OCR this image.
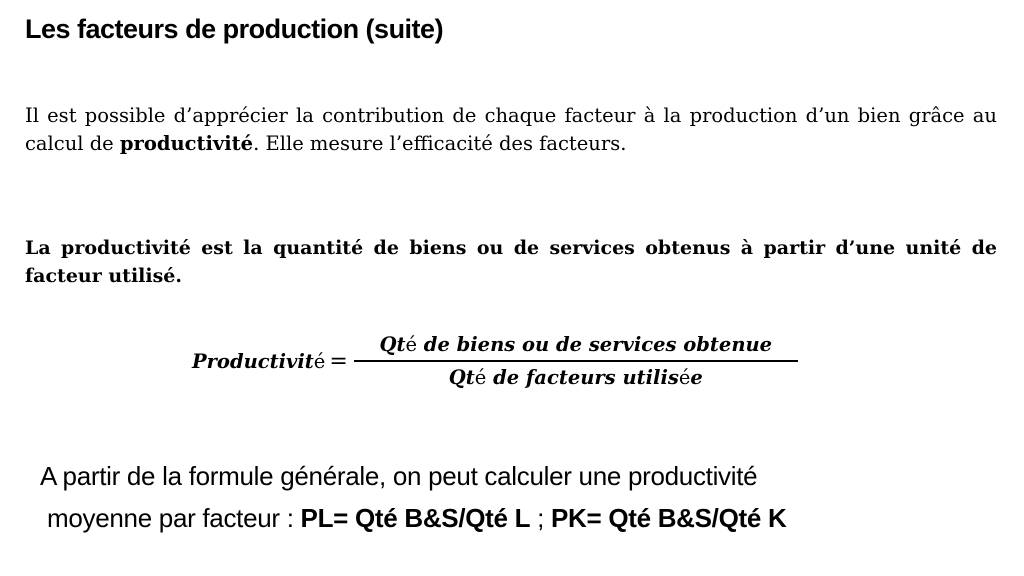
Les facteurs de production (suite)

Il est possible d’apprécier la contribution de chaque facteur à la production d’un bien grâce au calcul de productivité. Elle mesure l’efficacité des facteurs.

La productivité est la quantité de biens ou de services obtenus à partir d’une unité de facteur utilisé.

Productivité = $\frac{\text{Qté de biens ou de services obtenue}}{\text{Qté de facteurs utilisée}}$
A partir de la formule générale, on peut calculer une productivité
moyenne par facteur : PL= Qté B&S/Qté L ; PK= Qté B&S/Qté K
